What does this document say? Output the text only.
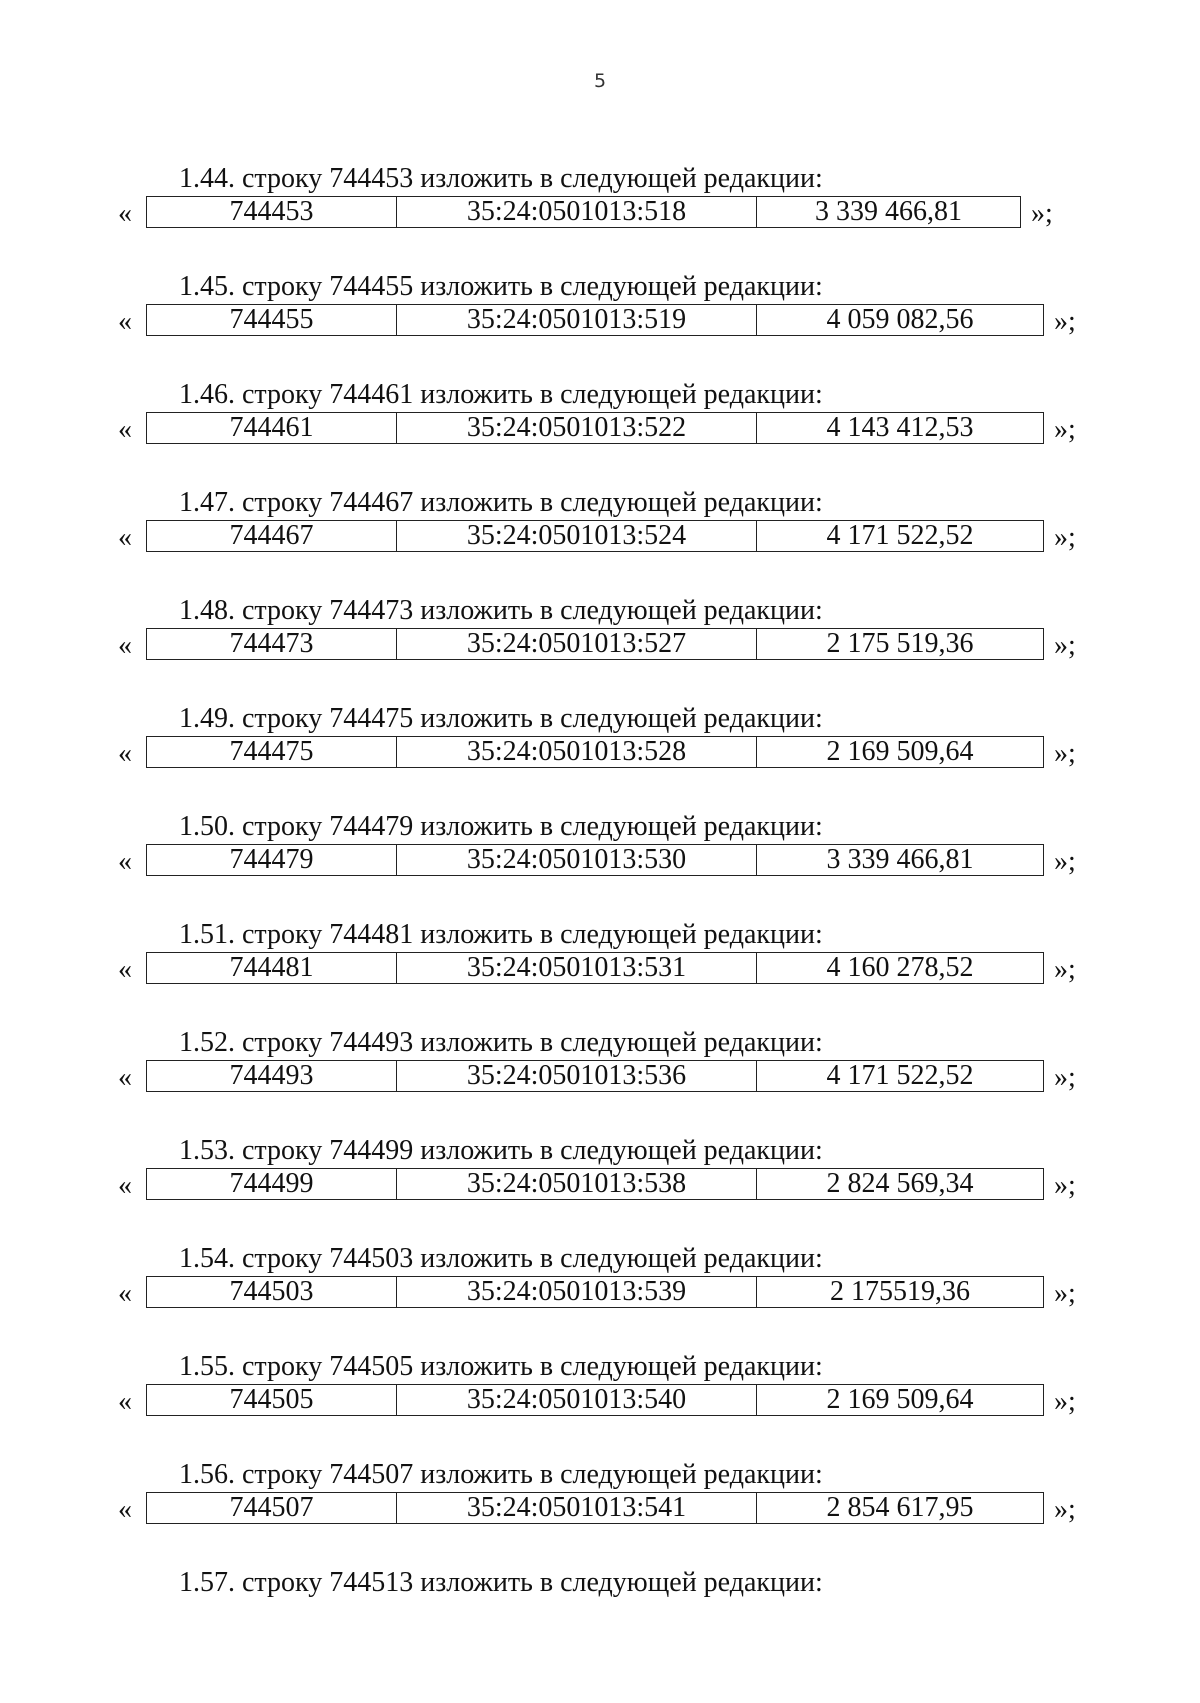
5
1.44. строку 744453 изложить в следующей редакции:
«	744453	35:24:0501013:518	3 339 466,81	»;
1.45. строку 744455 изложить в следующей редакции:
«	744455	35:24:0501013:519	4 059 082,56	»;
1.46. строку 744461 изложить в следующей редакции:
«	744461	35:24:0501013:522	4 143 412,53	»;
1.47. строку 744467 изложить в следующей редакции:
«	744467	35:24:0501013:524	4 171 522,52	»;
1.48. строку 744473 изложить в следующей редакции:
«	744473	35:24:0501013:527	2 175 519,36	»;
1.49. строку 744475 изложить в следующей редакции:
«	744475	35:24:0501013:528	2 169 509,64	»;
1.50. строку 744479 изложить в следующей редакции:
«	744479	35:24:0501013:530	3 339 466,81	»;
1.51. строку 744481 изложить в следующей редакции:
«	744481	35:24:0501013:531	4 160 278,52	»;
1.52. строку 744493 изложить в следующей редакции:
«	744493	35:24:0501013:536	4 171 522,52	»;
1.53. строку 744499 изложить в следующей редакции:
«	744499	35:24:0501013:538	2 824 569,34	»;
1.54. строку 744503 изложить в следующей редакции:
«	744503	35:24:0501013:539	2 175519,36	»;
1.55. строку 744505 изложить в следующей редакции:
«	744505	35:24:0501013:540	2 169 509,64	»;
1.56. строку 744507 изложить в следующей редакции:
«	744507	35:24:0501013:541	2 854 617,95	»;
1.57. строку 744513 изложить в следующей редакции:
